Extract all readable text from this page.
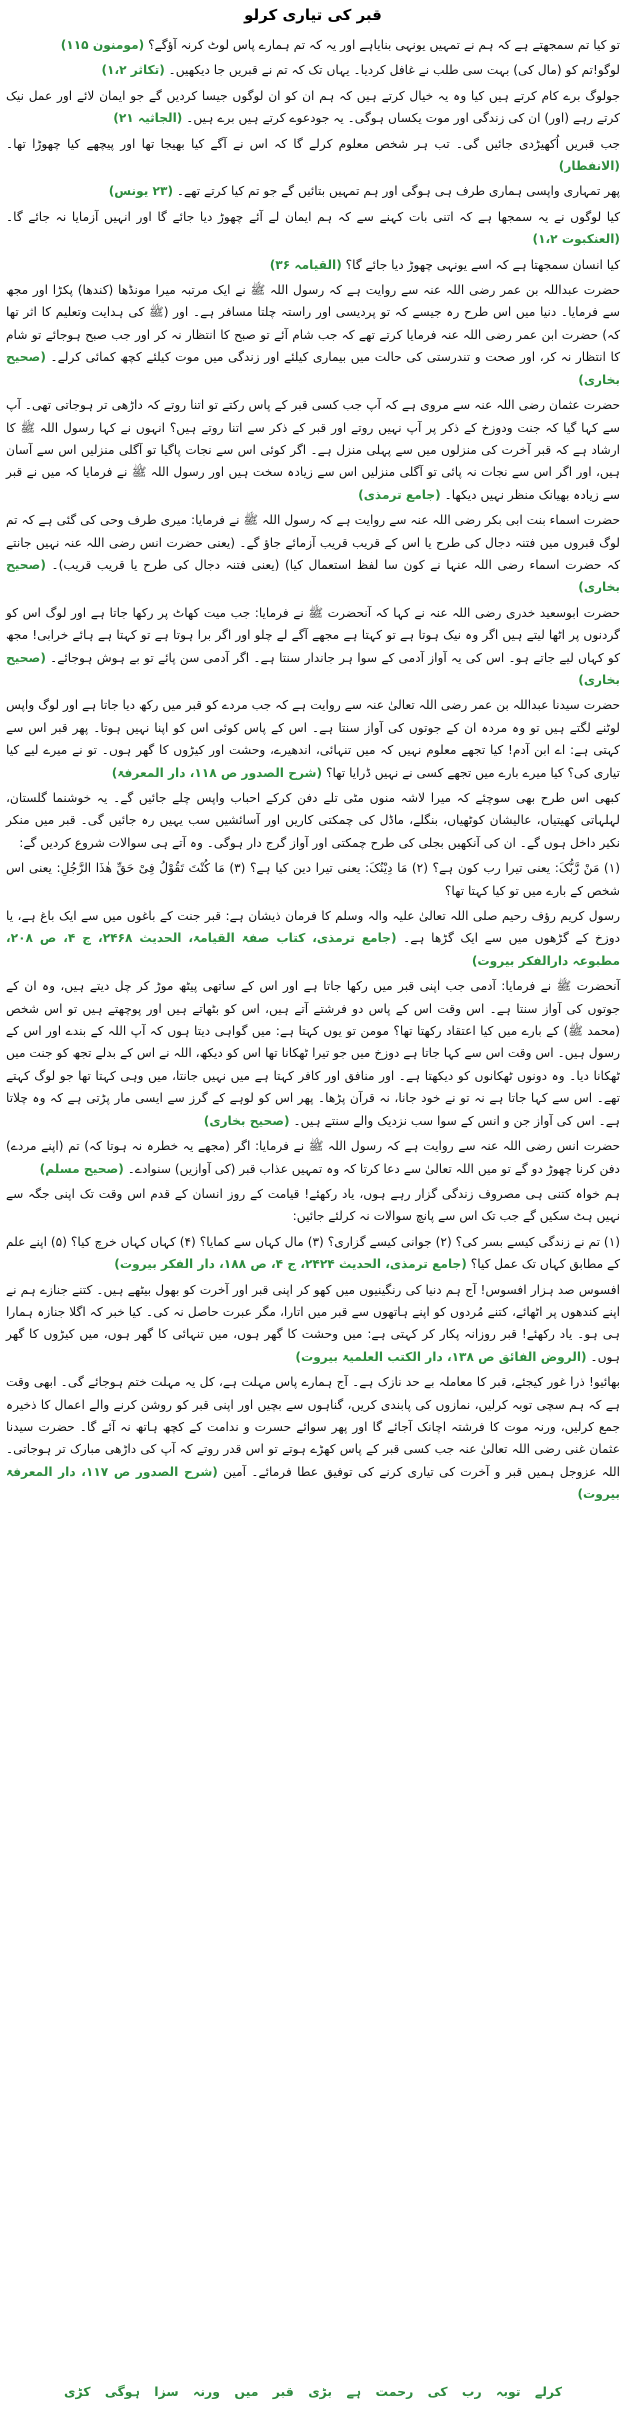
قبر کی تیاری کرلو

تو کیا تم سمجھتے ہے کہ ہم نے تمہیں یونہی بنایاہے اور یہ کہ تم ہمارے پاس لوٹ کرنہ آؤگے؟ (مومنون ۱۱۵)

لوگو!تم کو (مال کی) بہت سی طلب نے غافل کردیا۔ یہاں تک کہ تم نے قبریں جا دیکھیں۔ (تکاثر ۱،۲)

جولوگ برے کام کرتے ہیں کیا وہ یہ خیال کرتے ہیں کہ ہم ان کو ان لوگوں جیسا کردیں گے جو ایمان لائے اور عمل نیک کرتے رہے (اور) ان کی زندگی اور موت یکساں ہوگی۔ یہ جودعوے کرتے ہیں برے ہیں۔ (الجاثیہ ۲۱)

جب قبریں اُکھیڑدی جائیں گی۔ تب ہر شخص معلوم کرلے گا کہ اس نے آگے کیا بھیجا تھا اور پیچھے کیا چھوڑا تھا۔ (الانفطار)

پھر تمہاری واپسی ہماری طرف ہی ہوگی اور ہم تمہیں بتائیں گے جو تم کیا کرتے تھے۔ (۲۳ یونس)

کیا لوگوں نے یہ سمجھا ہے کہ اتنی بات کہنے سے کہ ہم ایمان لے آئے چھوڑ دیا جائے گا اور انہیں آزمایا نہ جائے گا۔ (العنکبوت ۱،۲)

کیا انسان سمجھتا ہے کہ اسے یونہی چھوڑ دیا جائے گا؟ (القیامہ ۳۶)

حضرت عبداللہ بن عمر رضی اللہ عنہ سے روایت ہے کہ رسول اللہ ﷺ نے ایک مرتبہ میرا مونڈھا (کندھا) پکڑا اور مجھ سے فرمایا۔ دنیا میں اس طرح رہ جیسے کہ تو پردیسی اور راستہ چلتا مسافر ہے۔ اور (ﷺ کی ہدایت وتعلیم کا اثر تھا کہ) حضرت ابن عمر رضی اللہ عنہ فرمایا کرتے تھے کہ جب شام آئے تو صبح کا انتظار نہ کر اور جب صبح ہوجائے تو شام کا انتظار نہ کر، اور صحت و تندرستی کی حالت میں بیماری کیلئے اور زندگی میں موت کیلئے کچھ کمائی کرلے۔ (صحیح بخاری)

حضرت عثمان رضی اللہ عنہ سے مروی ہے کہ آپ جب کسی قبر کے پاس رکتے تو اتنا روتے کہ داڑھی تر ہوجاتی تھی۔ آپ سے کہا گیا کہ جنت ودوزخ کے ذکر پر آپ نہیں روتے اور قبر کے ذکر سے اتنا روتے ہیں؟ انہوں نے کہا رسول اللہ ﷺ کا ارشاد ہے کہ قبر آخرت کی منزلوں میں سے پہلی منزل ہے۔ اگر کوئی اس سے نجات پاگیا تو آگلی منزلیں اس سے آسان ہیں، اور اگر اس سے نجات نہ پائی تو آگلی منزلیں اس سے زیادہ سخت ہیں اور رسول اللہ ﷺ نے فرمایا کہ میں نے قبر سے زیادہ بھیانک منظر نہیں دیکھا۔ (جامع ترمذی)

حضرت اسماء بنت ابی بکر رضی اللہ عنہ سے روایت ہے کہ رسول اللہ ﷺ نے فرمایا: میری طرف وحی کی گئی ہے کہ تم لوگ قبروں میں فتنہ دجال کی طرح یا اس کے قریب قریب آزمائے جاؤ گے۔ (یعنی حضرت انس رضی اللہ عنہ نہیں جانتے کہ حضرت اسماء رضی اللہ عنہا نے کون سا لفظ استعمال کیا) (یعنی فتنہ دجال کی طرح یا قریب قریب)۔ (صحیح بخاری)

حضرت ابوسعید خدری رضی اللہ عنہ نے کہا کہ آنحضرت ﷺ نے فرمایا: جب میت کھاٹ پر رکھا جاتا ہے اور لوگ اس کو گردنوں پر اٹھا لیتے ہیں اگر وہ نیک ہوتا ہے تو کہتا ہے مجھے آگے لے چلو اور اگر برا ہوتا ہے تو کہتا ہے ہائے خرابی! مجھ کو کہاں لیے جاتے ہو۔ اس کی یہ آواز آدمی کے سوا ہر جاندار سنتا ہے۔ اگر آدمی سن پائے تو بے ہوش ہوجائے۔ (صحیح بخاری)

حضرت سیدنا عبداللہ بن عمر رضی اللہ تعالیٰ عنہ سے روایت ہے کہ جب مردے کو قبر میں رکھ دیا جاتا ہے اور لوگ واپس لوٹنے لگتے ہیں تو وہ مردہ ان کے جوتوں کی آواز سنتا ہے۔ اس کے پاس کوئی اس کو اپنا نہیں ہوتا۔ پھر قبر اس سے کہتی ہے: اے ابن آدم! کیا تجھے معلوم نہیں کہ میں تنہائی، اندھیرے، وحشت اور کیڑوں کا گھر ہوں۔ تو نے میرے لیے کیا تیاری کی؟ کیا میرے بارے میں تجھے کسی نے نہیں ڈرایا تھا؟ (شرح الصدور ص ۱۱۸، دار المعرفۃ)

کبھی اس طرح بھی سوچئے کہ میرا لاشہ منوں مٹی تلے دفن کرکے احباب واپس چلے جائیں گے۔ یہ خوشنما گلستان، لہلہاتی کھیتیاں، عالیشان کوٹھیاں، بنگلے، ماڈل کی چمکتی کاریں اور آسائشیں سب یہیں رہ جائیں گی۔ قبر میں منکر نکیر داخل ہوں گے۔ ان کی آنکھیں بجلی کی طرح چمکتی اور آواز گرج دار ہوگی۔ وہ آتے ہی سوالات شروع کردیں گے:

(۱) مَنْ رَّبُّکَ: یعنی تیرا رب کون ہے؟ (۲) مَا دِیْنُکَ: یعنی تیرا دین کیا ہے؟ (۳) مَا کُنْتَ تَقُوْلُ فِیْ حَقِّ ھٰذَا الرَّجُلِ: یعنی اس شخص کے بارے میں تو کیا کہتا تھا؟

رسول کریم رؤف رحیم صلی اللہ تعالیٰ علیہ والہ وسلم کا فرمان ذیشان ہے: قبر جنت کے باغوں میں سے ایک باغ ہے، یا دوزخ کے گڑھوں میں سے ایک گڑھا ہے۔ (جامع ترمذی، کتاب صفۃ القیامۃ، الحدیث ۲۴۶۸، ج ۴، ص ۲۰۸، مطبوعہ دارالفکر بیروت)

آنحضرت ﷺ نے فرمایا: آدمی جب اپنی قبر میں رکھا جاتا ہے اور اس کے ساتھی پیٹھ موڑ کر چل دیتے ہیں، وہ ان کے جوتوں کی آواز سنتا ہے۔ اس وقت اس کے پاس دو فرشتے آتے ہیں، اس کو بٹھاتے ہیں اور پوچھتے ہیں تو اس شخص (محمد ﷺ) کے بارے میں کیا اعتقاد رکھتا تھا؟ مومن تو یوں کہتا ہے: میں گواہی دیتا ہوں کہ آپ اللہ کے بندے اور اس کے رسول ہیں۔ اس وقت اس سے کہا جاتا ہے دوزخ میں جو تیرا ٹھکانا تھا اس کو دیکھ، اللہ نے اس کے بدلے تجھ کو جنت میں ٹھکانا دیا۔ وہ دونوں ٹھکانوں کو دیکھتا ہے۔ اور منافق اور کافر کہتا ہے میں نہیں جانتا، میں وہی کہتا تھا جو لوگ کہتے تھے۔ اس سے کہا جاتا ہے نہ تو نے خود جانا، نہ قرآن پڑھا۔ پھر اس کو لوہے کے گرز سے ایسی مار پڑتی ہے کہ وہ چلاتا ہے۔ اس کی آواز جن و انس کے سوا سب نزدیک والے سنتے ہیں۔ (صحیح بخاری)

حضرت انس رضی اللہ عنہ سے روایت ہے کہ رسول اللہ ﷺ نے فرمایا: اگر (مجھے یہ خطرہ نہ ہوتا کہ) تم (اپنے مردے) دفن کرنا چھوڑ دو گے تو میں اللہ تعالیٰ سے دعا کرتا کہ وہ تمہیں عذاب قبر (کی آوازیں) سنوادے۔ (صحیح مسلم)

ہم خواہ کتنی ہی مصروف زندگی گزار رہے ہوں، یاد رکھئے! قیامت کے روز انسان کے قدم اس وقت تک اپنی جگہ سے نہیں ہٹ سکیں گے جب تک اس سے پانچ سوالات نہ کرلئے جائیں:

(۱) تم نے زندگی کیسے بسر کی؟ (۲) جوانی کیسے گزاری؟ (۳) مال کہاں سے کمایا؟ (۴) کہاں کہاں خرچ کیا؟ (۵) اپنے علم کے مطابق کہاں تک عمل کیا؟ (جامع ترمذی، الحدیث ۲۴۲۴، ج ۴، ص ۱۸۸، دار الفکر بیروت)

افسوس صد ہزار افسوس! آج ہم دنیا کی رنگینیوں میں کھو کر اپنی قبر اور آخرت کو بھول بیٹھے ہیں۔ کتنے جنازے ہم نے اپنے کندھوں پر اٹھائے، کتنے مُردوں کو اپنے ہاتھوں سے قبر میں اتارا، مگر عبرت حاصل نہ کی۔ کیا خبر کہ اگلا جنازہ ہمارا ہی ہو۔ یاد رکھئے! قبر روزانہ پکار کر کہتی ہے: میں وحشت کا گھر ہوں، میں تنہائی کا گھر ہوں، میں کیڑوں کا گھر ہوں۔ (الروض الفائق ص ۱۳۸، دار الکتب العلمیۃ بیروت)

بھائیو! ذرا غور کیجئے، قبر کا معاملہ بے حد نازک ہے۔ آج ہمارے پاس مہلت ہے، کل یہ مہلت ختم ہوجائے گی۔ ابھی وقت ہے کہ ہم سچی توبہ کرلیں، نمازوں کی پابندی کریں، گناہوں سے بچیں اور اپنی قبر کو روشن کرنے والے اعمال کا ذخیرہ جمع کرلیں، ورنہ موت کا فرشتہ اچانک آجائے گا اور پھر سوائے حسرت و ندامت کے کچھ ہاتھ نہ آئے گا۔ حضرت سیدنا عثمان غنی رضی اللہ تعالیٰ عنہ جب کسی قبر کے پاس کھڑے ہوتے تو اس قدر روتے کہ آپ کی داڑھی مبارک تر ہوجاتی۔ اللہ عزوجل ہمیں قبر و آخرت کی تیاری کرنے کی توفیق عطا فرمائے۔ آمین (شرح الصدور ص ۱۱۷، دار المعرفۃ بیروت)

کرلے توبہ رب کی رحمت ہے بڑی قبر میں ورنہ سزا ہوگی کڑی
